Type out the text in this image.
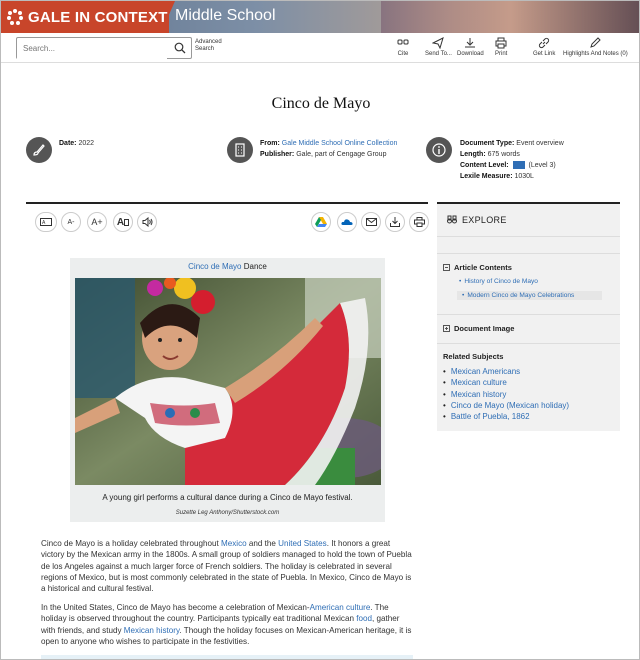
GALE IN CONTEXT Middle School
Search...
Advanced Search
Cite	Send To... Download Print	Get Link Highlights And Notes (0)
Cinco de Mayo
Date: 2022	From: Gale Middle School Online Collection
Publisher: Gale, part of Cengage Group
Document Type: Event overview
Length: 675 words
Content Level:	(Level 3)
Lexile Measure: 1030L
A	A- A+ A
Cinco de Mayo Dance
A young girl performs a cultural dance during a Cinco de Mayo festival.
Suzette Leg Anthony/Shutterstock.com
Cinco de Mayo is a holiday celebrated throughout Mexico and the United States. It honors a great victory by the Mexican army in the 1800s. A small group of soldiers managed to hold the town of Puebla de los Angeles against a much larger force of French soldiers. The holiday is celebrated in several regions of Mexico, but is most commonly celebrated in the state of Puebla. In Mexico, Cinco de Mayo is a historical and cultural festival.
In the United States, Cinco de Mayo has become a celebration of Mexican-American culture. The holiday is observed throughout the country. Participants typically eat traditional Mexican food, gather with friends, and study Mexican history. Though the holiday focuses on Mexican-American heritage, it is open to anyone who wishes to participate in the festivities.
EXPLORE
Article Contents
• History of Cinco de Mayo
• Modern Cinco de Mayo Celebrations
Document Image
Related Subjects
• Mexican Americans
• Mexican culture
• Mexican history
• Cinco de Mayo (Mexican holiday)
• Battle of Puebla, 1862
